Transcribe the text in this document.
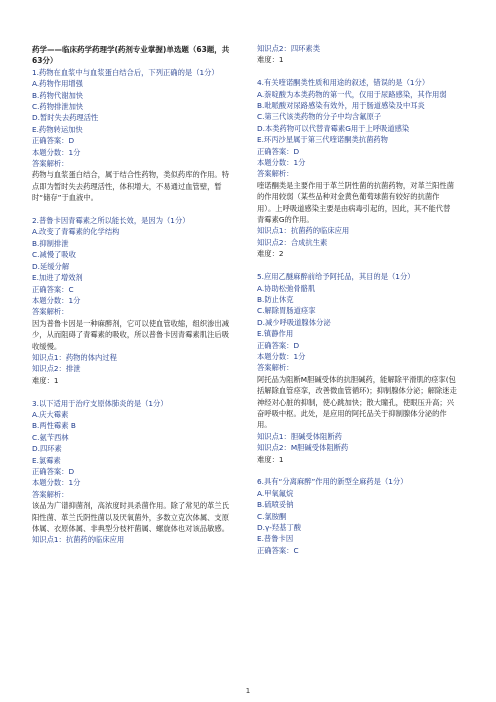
药学——临床药学药理学(药剂专业掌握)单选题（63题，共63分）
1.药物在血浆中与血浆蛋白结合后，下列正确的是（1分）
A.药物作用增强
B.药物代谢加快
C.药物排泄加快
D.暂时失去药理活性
E.药物转运加快
正确答案：D
本题分数：1分
答案解析：
药物与血浆蛋白结合，属于结合性药物，类似药库的作用。特点即为暂时失去药理活性，体积增大，不易通过血管壁，暂时“储存”于血液中。
2.普鲁卡因青霉素之所以能长效，是因为（1分）
A.改变了青霉素的化学结构
B.抑制排泄
C.减慢了吸收
D.延缓分解
E.加进了增效剂
正确答案：C
本题分数：1分
答案解析：
因为普鲁卡因是一种麻醉剂，它可以使血管收缩，组织渗出减少，从而阻碍了青霉素的吸收，所以普鲁卡因青霉素肌注后吸收缓慢。
知识点1：药物的体内过程
知识点2：排泄
难度：1
3.以下适用于治疗支原体肺炎的是（1分）
A.庆大霉素
B.两性霉素 B
C.氨苄西林
D.四环素
E.氯霉素
正确答案：D
本题分数：1分
答案解析：
该品为广谱抑菌剂，高浓度时具杀菌作用。除了常见的革兰氏阳性菌、革兰氏阴性菌以及厌氧菌外，多数立克次体属、支原体属、衣原体属、非典型分枝杆菌属、螺旋体也对该品敏感。
知识点1：抗菌药的临床应用
知识点2：四环素类
难度：1
4.有关喹诺酮类性质和用途的叙述，错误的是（1分）
A.萘啶酸为本类药物的第一代，仅用于尿路感染，其作用弱
B.吡哌酸对尿路感染有效外，用于肠道感染及中耳炎
C.第三代该类药物的分子中均含氟原子
D.本类药物可以代替青霉素G用于上呼吸道感染
E.环丙沙星属于第三代喹诺酮类抗菌药物
正确答案：D
本题分数：1分
答案解析：
喹诺酮类是主要作用于革兰阴性菌的抗菌药物，对革兰阳性菌的作用较弱（某些品种对金黄色葡萄球菌有较好的抗菌作用）。上呼吸道感染主要是由病毒引起的，因此，其不能代替青霉素G的作用。
知识点1：抗菌药的临床应用
知识点2：合成抗生素
难度：2
5.应用乙醚麻醉前给予阿托品，其目的是（1分）
A.协助松弛骨骼肌
B.防止休克
C.解除胃肠道痉挛
D.减少呼吸道腺体分泌
E.镇静作用
正确答案：D
本题分数：1分
答案解析：
阿托品为阻断M胆碱受体的抗胆碱药，能解除平滑肌的痉挛(包括解除血管痉挛，改善微血管循环)；抑制腺体分泌；解除迷走神经对心脏的抑制，使心跳加快；散大瞳孔，使眼压升高；兴奋呼吸中枢。此处，是应用的阿托品关于抑制腺体分泌的作用。
知识点1：胆碱受体阻断药
知识点2：M胆碱受体阻断药
难度：1
6.具有“分离麻醉”作用的新型全麻药是（1分）
A.甲氧氟烷
B.硫喷妥钠
C.氯胺酮
D.γ-羟基丁酸
E.普鲁卡因
正确答案：C
1
